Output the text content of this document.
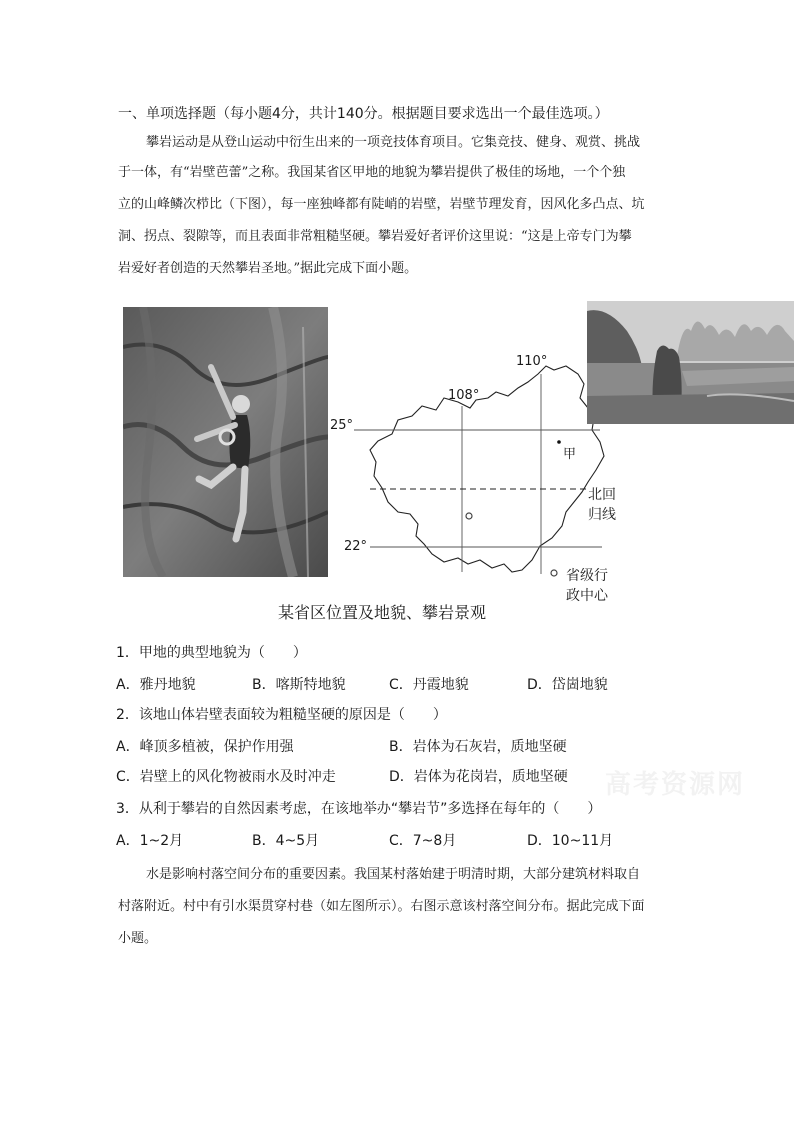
一、单项选择题（每小题4分，共计140分。根据题目要求选出一个最佳选项。）
攀岩运动是从登山运动中衍生出来的一项竞技体育项目。它集竞技、健身、观赏、挑战
于一体，有“岩壁芭蕾”之称。我国某省区甲地的地貌为攀岩提供了极佳的场地，一个个独
立的山峰鳞次栉比（下图），每一座独峰都有陡峭的岩壁，岩壁节理发育，因风化多凸点、坑
洞、拐点、裂隙等，而且表面非常粗糙坚硬。攀岩爱好者评价这里说：“这是上帝专门为攀
岩爱好者创造的天然攀岩圣地。”据此完成下面小题。
110°
108°
25°
22°
甲
北回归线
省级行政中心
某省区位置及地貌、攀岩景观
1．甲地的典型地貌为（　　）
A．雅丹地貌	B．喀斯特地貌	C．丹霞地貌	D．岱崮地貌
2．该地山体岩壁表面较为粗糙坚硬的原因是（　　）
A．峰顶多植被，保护作用强	B．岩体为石灰岩，质地坚硬
C．岩壁上的风化物被雨水及时冲走	D．岩体为花岗岩，质地坚硬 高考资源网
3．从利于攀岩的自然因素考虑，在该地举办“攀岩节”多选择在每年的（　　）
A．1~2月	B．4~5月	C．7~8月	D．10~11月
水是影响村落空间分布的重要因素。我国某村落始建于明清时期，大部分建筑材料取自
村落附近。村中有引水渠贯穿村巷（如左图所示）。右图示意该村落空间分布。据此完成下面
小题。
